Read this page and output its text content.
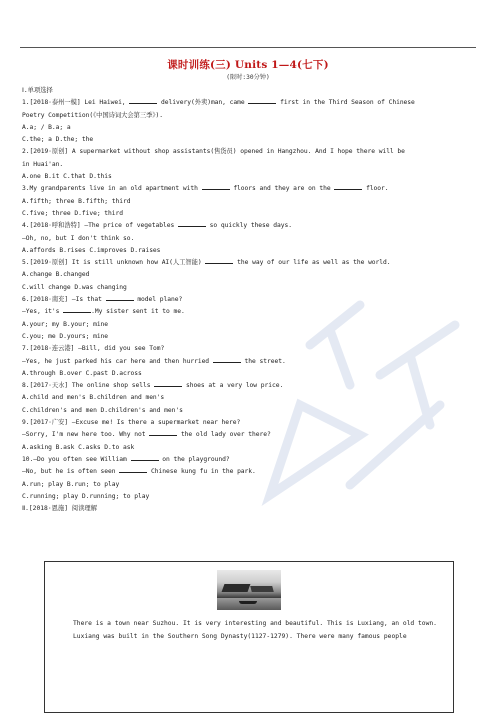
课时训练(三) Units 1—4(七下)
(限时:30分钟)
Ⅰ.单项选择
1.[2018·泰州一模] Lei Haiwei,	delivery(外卖)man, came	first in the Third Season of Chinese
Poetry Competition(《中国诗词大会第三季》).
A.a; / B.a; a
C.the; a D.the; the
2.[2019·原创] A supermarket without shop assistants(售货员) opened in Hangzhou. And I hope there will be
in Huai'an.
A.one B.it C.that D.this
3.My grandparents live in an old apartment with	floors and they are on the	floor.
A.fifth; three B.fifth; third
C.five; three D.five; third
4.[2018·呼和浩特] —The price of vegetables	so quickly these days.
—Oh, no, but I don't think so.
A.affords B.rises C.improves D.raises
5.[2019·原创] It is still unknown how AI(人工智能)	the way of our life as well as the world.
A.change B.changed
C.will change D.was changing
6.[2018·南充] —Is that	model plane?
—Yes, it's	.My sister sent it to me.
A.your; my B.your; mine
C.you; me D.yours; mine
7.[2018·连云港] —Bill, did you see Tom?
—Yes, he just parked his car here and then hurried	the street.
A.through B.over C.past D.across
8.[2017·天水] The online shop sells	shoes at a very low price.
A.child and men's B.children and men's
C.children's and men D.children's and men's
9.[2017·广安] —Excuse me! Is there a supermarket near here?
—Sorry, I'm new here too. Why not	the old lady over there?
A.asking B.ask C.asks D.to ask
10.—Do you often see William	on the playground?
—No, but he is often seen	Chinese kung fu in the park.
A.run; play B.run; to play
C.running; play D.running; to play
Ⅱ.[2018·恩施] 阅读理解

There is a town near Suzhou. It is very interesting and beautiful. This is Luxiang, an old town.

Luxiang was built in the Southern Song Dynasty(1127-1279). There were many famous people
